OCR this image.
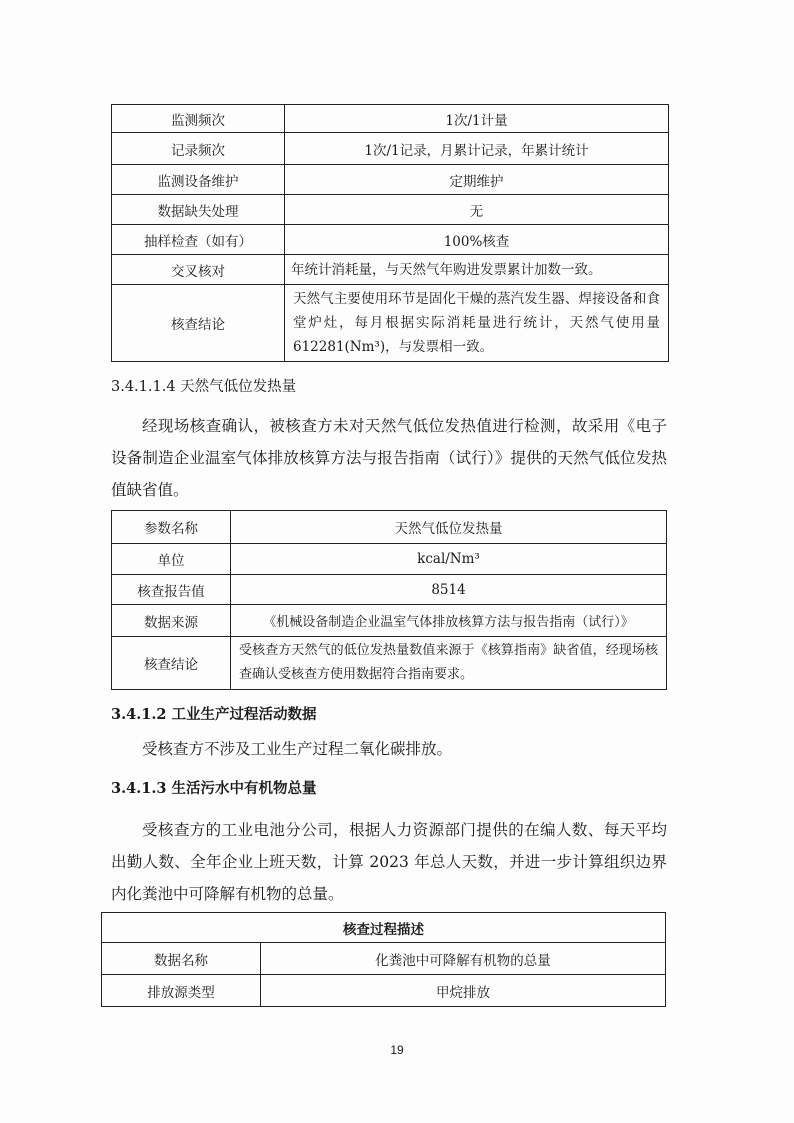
监测频次	1次/1计量
记录频次	1次/1记录，月累计记录，年累计统计
监测设备维护	定期维护
数据缺失处理	无
抽样检查（如有）	100%核查
交叉核对	年统计消耗量，与天然气年购进发票累计加数一致。
核查结论	天然气主要使用环节是固化干燥的蒸汽发生器、焊接设备和食堂炉灶，每月根据实际消耗量进行统计，天然气使用量612281(Nm³)，与发票相一致。
3.4.1.1.4 天然气低位发热量
经现场核查确认，被核查方未对天然气低位发热值进行检测，故采用《电子设备制造企业温室气体排放核算方法与报告指南（试行）》提供的天然气低位发热值缺省值。
参数名称	天然气低位发热量
单位	kcal/Nm³
核查报告值	8514
数据来源	《机械设备制造企业温室气体排放核算方法与报告指南（试行）》
核查结论	受核查方天然气的低位发热量数值来源于《核算指南》缺省值，经现场核查确认受核查方使用数据符合指南要求。
3.4.1.2 工业生产过程活动数据
受核查方不涉及工业生产过程二氧化碳排放。
3.4.1.3 生活污水中有机物总量
受核查方的工业电池分公司，根据人力资源部门提供的在编人数、每天平均出勤人数、全年企业上班天数，计算 2023 年总人天数，并进一步计算组织边界内化粪池中可降解有机物的总量。
核查过程描述	
数据名称	化粪池中可降解有机物的总量
排放源类型	甲烷排放
19
